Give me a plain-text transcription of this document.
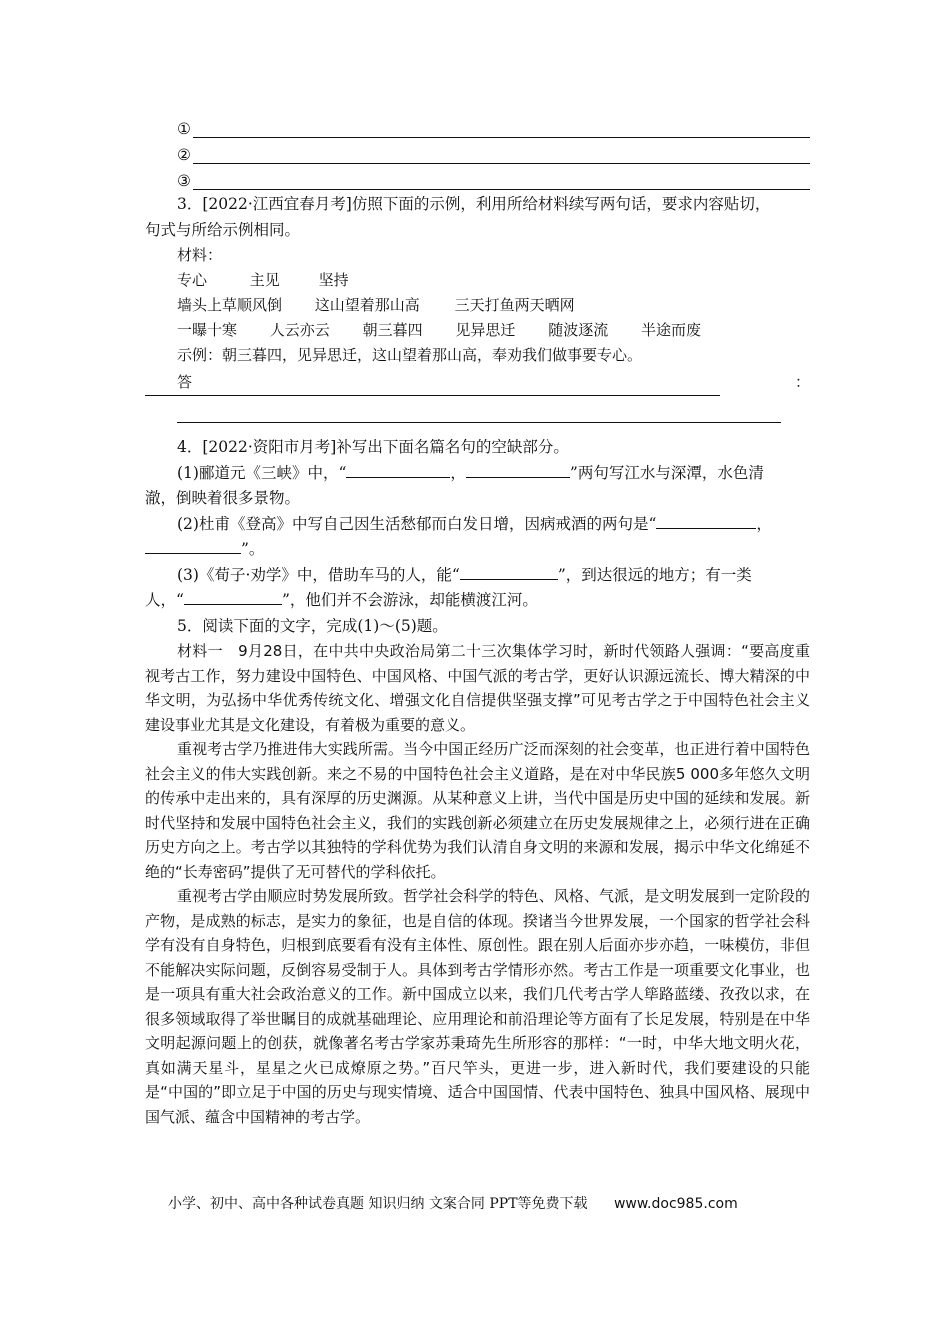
①
②
③

3．[2022·江西宜春月考]仿照下面的示例，利用所给材料续写两句话，要求内容贴切，

句式与所给示例相同。

材料：
专心	主见	坚持
墙头上草顺风倒 这山望着那山高 三天打鱼两天晒网
一曝十寒 人云亦云 朝三暮四 见异思迁 随波逐流 半途而废
示例：朝三暮四，见异思迁，这山望着那山高，奉劝我们做事要专心。
答	：

4．[2022·资阳市月考]补写出下面名篇名句的空缺部分。

(1)郦道元《三峡》中，“	，	”两句写江水与深潭，水色清

澈，倒映着很多景物。

(2)杜甫《登高》中写自己因生活愁郁而白发日增，因病戒酒的两句是“	，

”。

(3)《荀子·劝学》中，借助车马的人，能“	”，到达很远的地方；有一类

人，“	”，他们并不会游泳，却能横渡江河。

5．阅读下面的文字，完成(1)～(5)题。

材料一　9月28日，在中共中央政治局第二十三次集体学习时，新时代领路人强调：“要高度重视考古工作，努力建设中国特色、中国风格、中国气派的考古学，更好认识源远流长、博大精深的中华文明，为弘扬中华优秀传统文化、增强文化自信提供坚强支撑”可见考古学之于中国特色社会主义建设事业尤其是文化建设，有着极为重要的意义。

重视考古学乃推进伟大实践所需。当今中国正经历广泛而深刻的社会变革，也正进行着中国特色社会主义的伟大实践创新。来之不易的中国特色社会主义道路，是在对中华民族5 000多年悠久文明的传承中走出来的，具有深厚的历史渊源。从某种意义上讲，当代中国是历史中国的延续和发展。新时代坚持和发展中国特色社会主义，我们的实践创新必须建立在历史发展规律之上，必须行进在正确历史方向之上。考古学以其独特的学科优势为我们认清自身文明的来源和发展，揭示中华文化绵延不绝的“长寿密码”提供了无可替代的学科依托。

重视考古学由顺应时势发展所致。哲学社会科学的特色、风格、气派，是文明发展到一定阶段的产物，是成熟的标志，是实力的象征，也是自信的体现。揆诸当今世界发展，一个国家的哲学社会科学有没有自身特色，归根到底要看有没有主体性、原创性。跟在别人后面亦步亦趋，一味模仿，非但不能解决实际问题，反倒容易受制于人。具体到考古学情形亦然。考古工作是一项重要文化事业，也是一项具有重大社会政治意义的工作。新中国成立以来，我们几代考古学人筚路蓝缕、孜孜以求，在很多领域取得了举世瞩目的成就基础理论、应用理论和前沿理论等方面有了长足发展，特别是在中华文明起源问题上的创获，就像著名考古学家苏秉琦先生所形容的那样：“一时，中华大地文明火花，真如满天星斗，星星之火已成燎原之势。”百尺竿头，更进一步，进入新时代，我们要建设的只能是“中国的”即立足于中国的历史与现实情境、适合中国国情、代表中国特色、独具中国风格、展现中国气派、蕴含中国精神的考古学。

小学、初中、高中各种试卷真题 知识归纳 文案合同 PPT等免费下载 www.doc985.com
